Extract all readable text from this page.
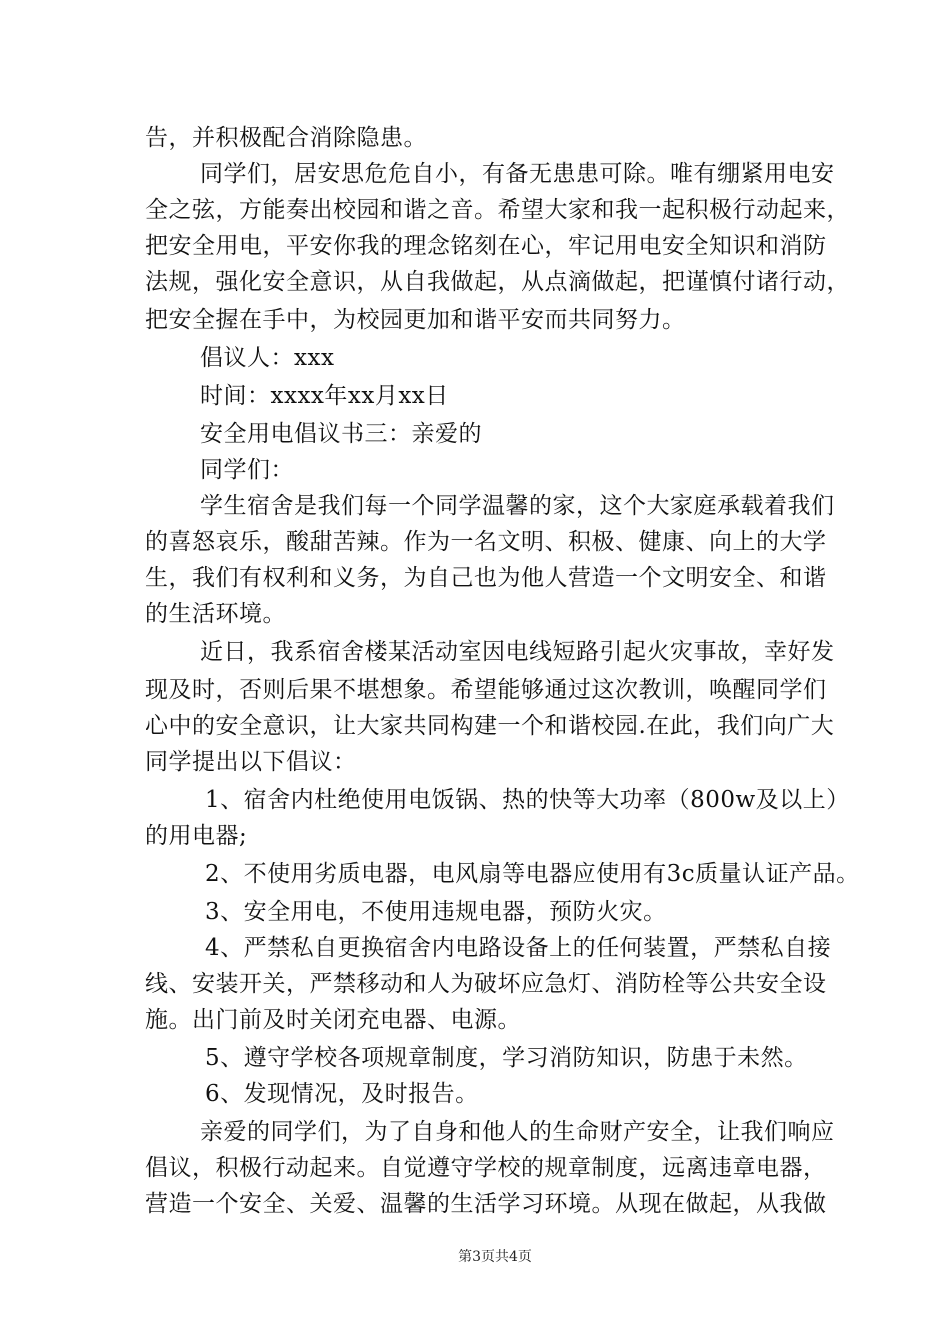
告，并积极配合消除隐患。
同学们，居安思危危自小，有备无患患可除。唯有绷紧用电安
全之弦，方能奏出校园和谐之音。希望大家和我一起积极行动起来，
把安全用电，平安你我的理念铭刻在心，牢记用电安全知识和消防
法规，强化安全意识，从自我做起，从点滴做起，把谨慎付诸行动，
把安全握在手中，为校园更加和谐平安而共同努力。
倡议人：xxx
时间：xxxx年xx月xx日
安全用电倡议书三：亲爱的
同学们：
学生宿舍是我们每一个同学温馨的家，这个大家庭承载着我们
的喜怒哀乐，酸甜苦辣。作为一名文明、积极、健康、向上的大学
生，我们有权利和义务，为自己也为他人营造一个文明安全、和谐
的生活环境。
近日，我系宿舍楼某活动室因电线短路引起火灾事故，幸好发
现及时，否则后果不堪想象。希望能够通过这次教训，唤醒同学们
心中的安全意识，让大家共同构建一个和谐校园.在此，我们向广大
同学提出以下倡议：
1、宿舍内杜绝使用电饭锅、热的快等大功率（800w及以上）
的用电器;
2、不使用劣质电器，电风扇等电器应使用有3c质量认证产品。
3、安全用电，不使用违规电器，预防火灾。
4、严禁私自更换宿舍内电路设备上的任何装置，严禁私自接
线、安装开关，严禁移动和人为破坏应急灯、消防栓等公共安全设
施。出门前及时关闭充电器、电源。
5、遵守学校各项规章制度，学习消防知识，防患于未然。
6、发现情况，及时报告。
亲爱的同学们，为了自身和他人的生命财产安全，让我们响应
倡议，积极行动起来。自觉遵守学校的规章制度，远离违章电器，
营造一个安全、关爱、温馨的生活学习环境。从现在做起，从我做
第3页共4页
